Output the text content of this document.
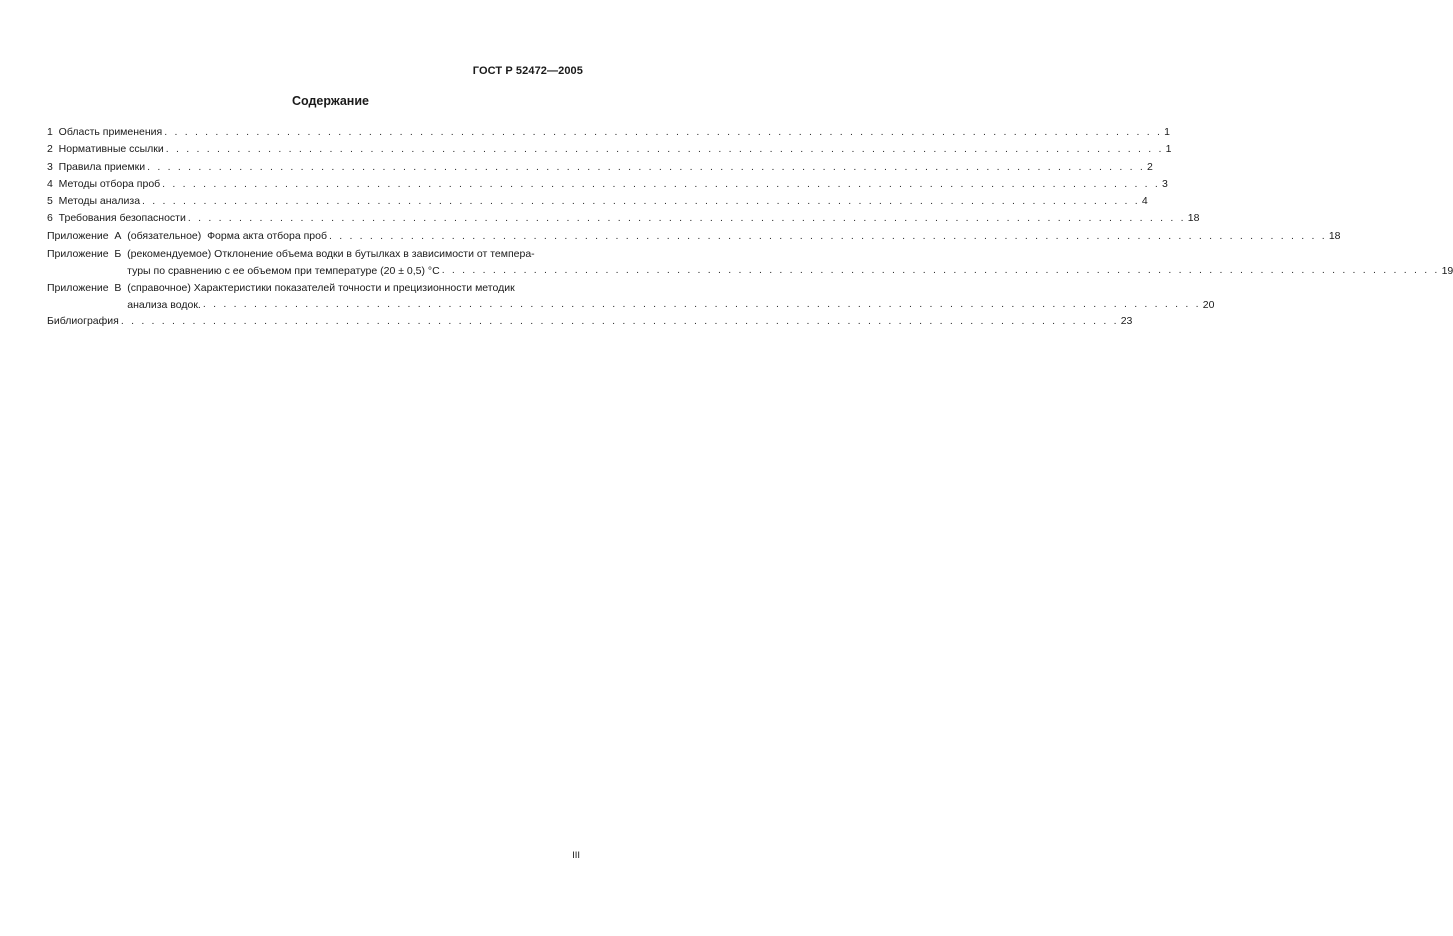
ГОСТ Р 52472—2005
Содержание
1  Область применения . . .	1
2  Нормативные ссылки . . .	1
3  Правила приемки . . .	2
4  Методы отбора проб . . .	3
5  Методы анализа . . .	4
6  Требования безопасности . . .	18
Приложение  А  (обязательное)  Форма акта отбора проб . . .	18
Приложение  Б (рекомендуемое) Отклонение объема водки в бутылках в зависимости от темпера-
туры по сравнению с ее объемом при температуре (20 ± 0,5) °С . . .	19
Приложение  В (справочное) Характеристики показателей точности и прецизионности методик
анализа водок. . . .	20
Библиография . . .	23
III
